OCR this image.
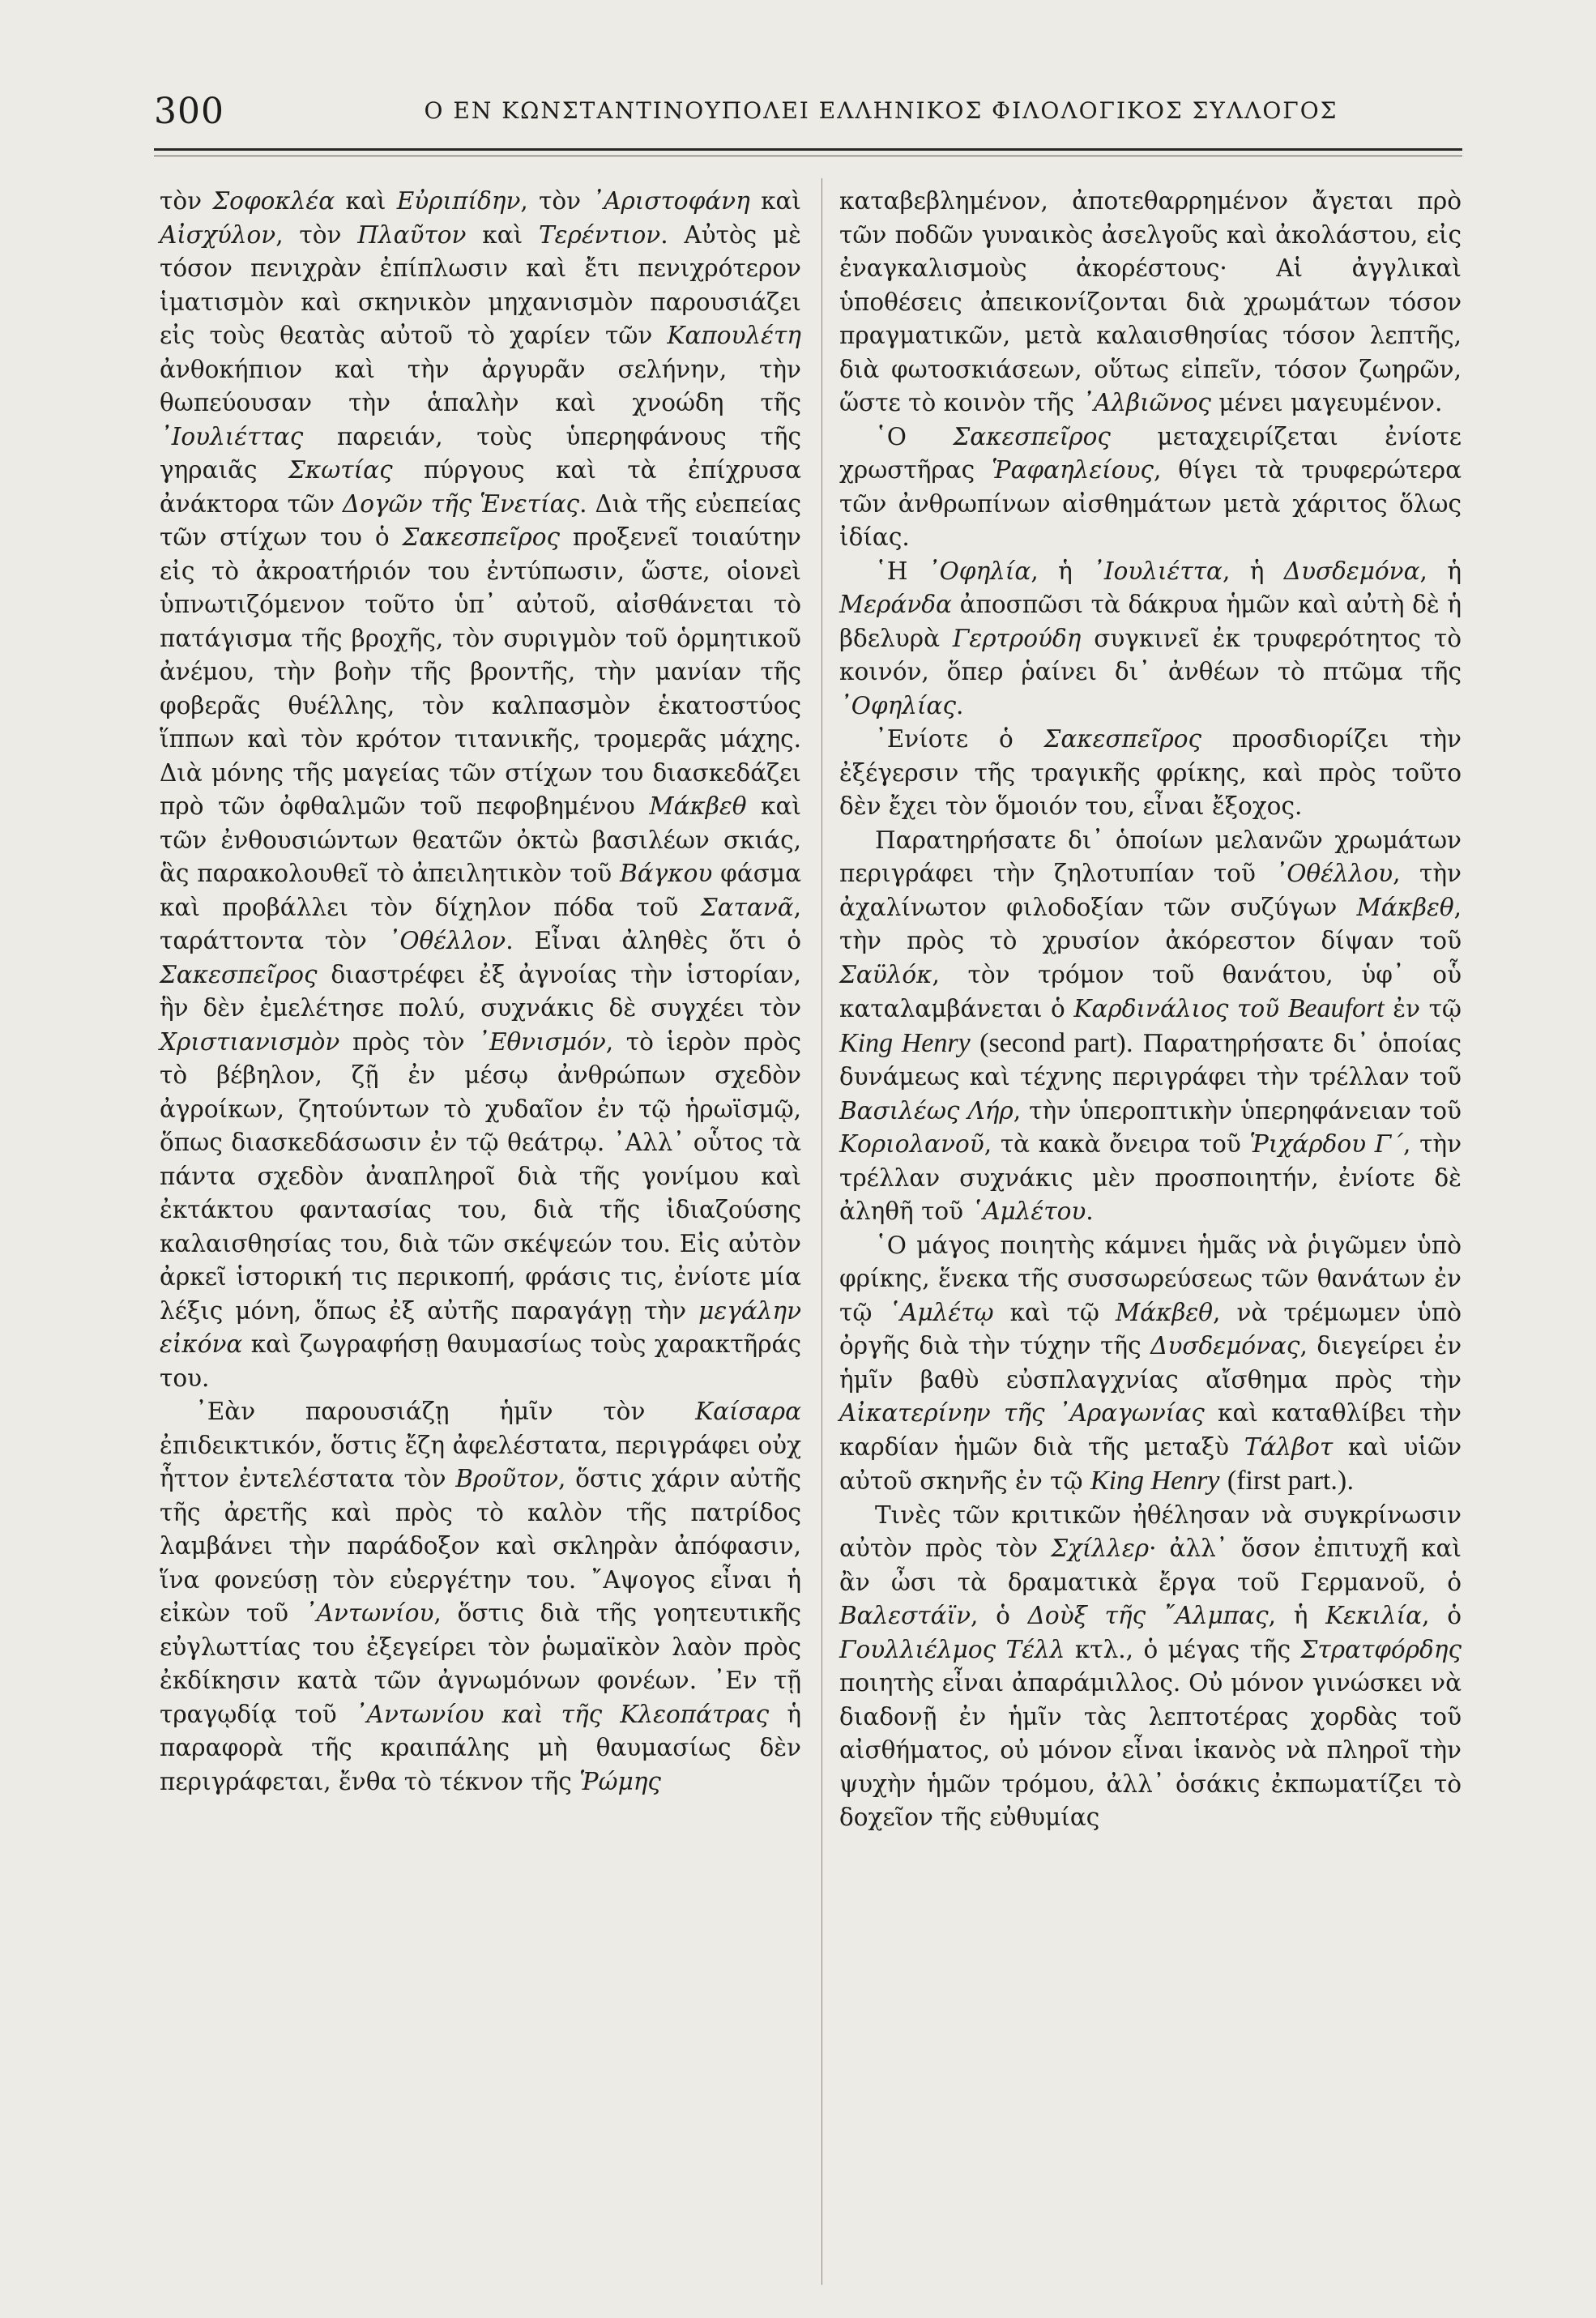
300	Ο ΕΝ ΚΩΝΣΤΑΝΤΙΝΟΥΠΟΛΕΙ ΕΛΛΗΝΙΚΟΣ ΦΙΛΟΛΟΓΙΚΟΣ ΣΥΛΛΟΓΟΣ

τὸν Σοφοκλέα καὶ Εὐριπίδην, τὸν ᾿Αριστοφάνη καὶ Αἰσχύλον, τὸν Πλαῦτον καὶ Τερέντιον. Αὐτὸς μὲ τόσον πενιχρὰν ἐπίπλωσιν καὶ ἔτι πενιχρότερον ἱματισμὸν καὶ σκηνικὸν μηχανισμὸν παρουσιάζει εἰς τοὺς θεατὰς αὐτοῦ τὸ χαρίεν τῶν Καπουλέτη ἀνθοκήπιον καὶ τὴν ἀργυρᾶν σελήνην, τὴν θωπεύουσαν τὴν ἁπαλὴν καὶ χνοώδη τῆς ᾿Ιουλιέττας παρειάν, τοὺς ὑπερηφάνους τῆς γηραιᾶς Σκωτίας πύργους καὶ τὰ ἐπίχρυσα ἀνάκτορα τῶν Δογῶν τῆς Ἑνετίας. Διὰ τῆς εὐεπείας τῶν στίχων του ὁ Σακεσπεῖρος προξενεῖ τοιαύτην εἰς τὸ ἀκροατήριόν του ἐντύπωσιν, ὥστε, οἱονεὶ ὑπνωτιζόμενον τοῦτο ὑπ᾿ αὐτοῦ, αἰσθάνεται τὸ πατάγισμα τῆς βροχῆς, τὸν συριγμὸν τοῦ ὁρμητικοῦ ἀνέμου, τὴν βοὴν τῆς βροντῆς, τὴν μανίαν τῆς φοβερᾶς θυέλλης, τὸν καλπασμὸν ἑκατοστύος ἵππων καὶ τὸν κρότον τιτανικῆς, τρομερᾶς μάχης. Διὰ μόνης τῆς μαγείας τῶν στίχων του διασκεδάζει πρὸ τῶν ὀφθαλμῶν τοῦ πεφοβημένου Μάκβεθ καὶ τῶν ἐνθουσιώντων θεατῶν ὀκτὼ βασιλέων σκιάς, ἃς παρακολουθεῖ τὸ ἀπειλητικὸν τοῦ Βάγκου φάσμα καὶ προβάλλει τὸν δίχηλον πόδα τοῦ Σατανᾶ, ταράττοντα τὸν ᾿Οθέλλον. Εἶναι ἀληθὲς ὅτι ὁ Σακεσπεῖρος διαστρέφει ἐξ ἀγνοίας τὴν ἱστορίαν, ἣν δὲν ἐμελέτησε πολύ, συχνάκις δὲ συγχέει τὸν Χριστιανισμὸν πρὸς τὸν ᾿Εθνισμόν, τὸ ἱερὸν πρὸς τὸ βέβηλον, ζῇ ἐν μέσῳ ἀνθρώπων σχεδὸν ἀγροίκων, ζητούντων τὸ χυδαῖον ἐν τῷ ἡρωϊσμῷ, ὅπως διασκεδάσωσιν ἐν τῷ θεάτρῳ. ᾿Αλλ᾿ οὗτος τὰ πάντα σχεδὸν ἀναπληροῖ διὰ τῆς γονίμου καὶ ἐκτάκτου φαντασίας του, διὰ τῆς ἰδιαζούσης καλαισθησίας του, διὰ τῶν σκέψεών του. Εἰς αὐτὸν ἀρκεῖ ἱστορική τις περικοπή, φράσις τις, ἐνίοτε μία λέξις μόνη, ὅπως ἐξ αὐτῆς παραγάγῃ τὴν μεγάλην εἰκόνα καὶ ζωγραφήσῃ θαυμασίως τοὺς χαρακτῆράς του.

᾿Εὰν παρουσιάζῃ ἡμῖν τὸν Καίσαρα ἐπιδεικτικόν, ὅστις ἔζη ἀφελέστατα, περιγράφει οὐχ ἧττον ἐντελέστατα τὸν Βροῦτον, ὅστις χάριν αὐτῆς τῆς ἀρετῆς καὶ πρὸς τὸ καλὸν τῆς πατρίδος λαμβάνει τὴν παράδοξον καὶ σκληρὰν ἀπόφασιν, ἵνα φονεύσῃ τὸν εὐεργέτην του. ῎Αψογος εἶναι ἡ εἰκὼν τοῦ ᾿Αντωνίου, ὅστις διὰ τῆς γοητευτικῆς εὐγλωττίας του ἐξεγείρει τὸν ῥωμαϊκὸν λαὸν πρὸς ἐκδίκησιν κατὰ τῶν ἀγνωμόνων φονέων. ᾿Εν τῇ τραγῳδίᾳ τοῦ ᾿Αντωνίου καὶ τῆς Κλεοπάτρας ἡ παραφορὰ τῆς κραιπάλης μὴ θαυμασίως δὲν περιγράφεται, ἔνθα τὸ τέκνον τῆς Ῥώμης

καταβεβλημένον, ἀποτεθαρρημένον ἄγεται πρὸ τῶν ποδῶν γυναικὸς ἀσελγοῦς καὶ ἀκολάστου, εἰς ἐναγκαλισμοὺς ἀκορέστους· Αἱ ἀγγλικαὶ ὑποθέσεις ἀπεικονίζονται διὰ χρωμάτων τόσον πραγματικῶν, μετὰ καλαισθησίας τόσον λεπτῆς, διὰ φωτοσκιάσεων, οὕτως εἰπεῖν, τόσον ζωηρῶν, ὥστε τὸ κοινὸν τῆς ᾿Αλβιῶνος μένει μαγευμένον.

῾Ο Σακεσπεῖρος μεταχειρίζεται ἐνίοτε χρωστῆρας Ῥαφαηλείους, θίγει τὰ τρυφερώτερα τῶν ἀνθρωπίνων αἰσθημάτων μετὰ χάριτος ὅλως ἰδίας.

῾Η ᾿Οφηλία, ἡ ᾿Ιουλιέττα, ἡ Δυσδεμόνα, ἡ Μεράνδα ἀποσπῶσι τὰ δάκρυα ἡμῶν καὶ αὐτὴ δὲ ἡ βδελυρὰ Γερτρούδη συγκινεῖ ἐκ τρυφερότητος τὸ κοινόν, ὅπερ ῥαίνει δι᾿ ἀνθέων τὸ πτῶμα τῆς ᾿Οφηλίας.

᾿Ενίοτε ὁ Σακεσπεῖρος προσδιορίζει τὴν ἐξέγερσιν τῆς τραγικῆς φρίκης, καὶ πρὸς τοῦτο δὲν ἔχει τὸν ὅμοιόν του, εἶναι ἔξοχος.

Παρατηρήσατε δι᾿ ὁποίων μελανῶν χρωμάτων περιγράφει τὴν ζηλοτυπίαν τοῦ ᾿Οθέλλου, τὴν ἀχαλίνωτον φιλοδοξίαν τῶν συζύγων Μάκβεθ, τὴν πρὸς τὸ χρυσίον ἀκόρεστον δίψαν τοῦ Σαϋλόκ, τὸν τρόμον τοῦ θανάτου, ὑφ᾿ οὗ καταλαμβάνεται ὁ Καρδινάλιος τοῦ Beaufort ἐν τῷ King Henry (second part). Παρατηρήσατε δι᾿ ὁποίας δυνάμεως καὶ τέχνης περιγράφει τὴν τρέλλαν τοῦ Βασιλέως Λήρ, τὴν ὑπεροπτικὴν ὑπερηφάνειαν τοῦ Κοριολανοῦ, τὰ κακὰ ὄνειρα τοῦ Ῥιχάρδου Γ´, τὴν τρέλλαν συχνάκις μὲν προσποιητήν, ἐνίοτε δὲ ἀληθῆ τοῦ ῾Αμλέτου.

῾Ο μάγος ποιητὴς κάμνει ἡμᾶς νὰ ῥιγῶμεν ὑπὸ φρίκης, ἕνεκα τῆς συσσωρεύσεως τῶν θανάτων ἐν τῷ ῾Αμλέτῳ καὶ τῷ Μάκβεθ, νὰ τρέμωμεν ὑπὸ ὀργῆς διὰ τὴν τύχην τῆς Δυσδεμόνας, διεγείρει ἐν ἡμῖν βαθὺ εὐσπλαγχνίας αἴσθημα πρὸς τὴν Αἰκατερίνην τῆς ᾿Αραγωνίας καὶ καταθλίβει τὴν καρδίαν ἡμῶν διὰ τῆς μεταξὺ Τάλβοτ καὶ υἱῶν αὐτοῦ σκηνῆς ἐν τῷ King Henry (first part.).

Τινὲς τῶν κριτικῶν ἠθέλησαν νὰ συγκρίνωσιν αὐτὸν πρὸς τὸν Σχίλλερ· ἀλλ᾿ ὅσον ἐπιτυχῆ καὶ ἂν ὦσι τὰ δραματικὰ ἔργα τοῦ Γερμανοῦ, ὁ Βαλεστάϊν, ὁ Δοὺξ τῆς ῎Αλμπας, ἡ Κεκιλία, ὁ Γουλλιέλμος Τέλλ κτλ., ὁ μέγας τῆς Στρατφόρδης ποιητὴς εἶναι ἀπαράμιλλος. Οὐ μόνον γινώσκει νὰ διαδονῇ ἐν ἡμῖν τὰς λεπτοτέρας χορδὰς τοῦ αἰσθήματος, οὐ μόνον εἶναι ἱκανὸς νὰ πληροῖ τὴν ψυχὴν ἡμῶν τρόμου, ἀλλ᾿ ὁσάκις ἐκπωματίζει τὸ δοχεῖον τῆς εὐθυμίας
